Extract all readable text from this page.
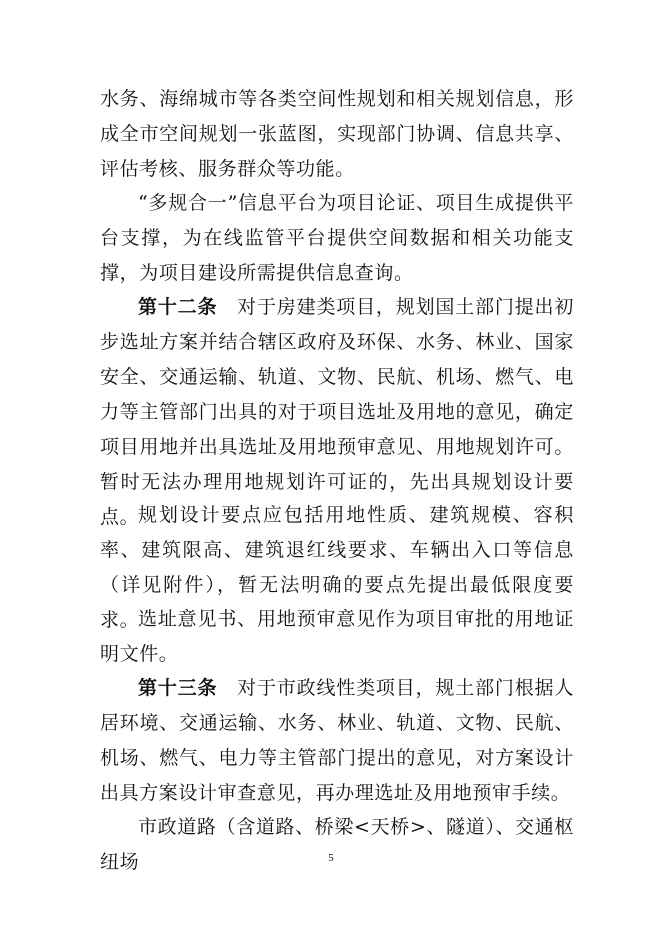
水务、海绵城市等各类空间性规划和相关规划信息，形成全市空间规划一张蓝图，实现部门协调、信息共享、评估考核、服务群众等功能。

“多规合一”信息平台为项目论证、项目生成提供平台支撑，为在线监管平台提供空间数据和相关功能支撑，为项目建设所需提供信息查询。

第十二条　 对于房建类项目，规划国土部门提出初步选址方案并结合辖区政府及环保、水务、林业、国家安全、交通运输、轨道、文物、民航、机场、燃气、电力等主管部门出具的对于项目选址及用地的意见，确定项目用地并出具选址及用地预审意见、用地规划许可。暂时无法办理用地规划许可证的，先出具规划设计要点。

规划设计要点应包括用地性质、建筑规模、容积率、建筑限高、建筑退红线要求、车辆出入口等信息（详见附件），暂无法明确的要点先提出最低限度要求。

选址意见书、用地预审意见作为项目审批的用地证明文件。

第十三条　 对于市政线性类项目，规土部门根据人居环境、交通运输、水务、林业、轨道、文物、民航、机场、燃气、电力等主管部门提出的意见，对方案设计出具方案设计审查意见，再办理选址及用地预审手续。

市政道路（含道路、桥梁<天桥>、隧道）、交通枢纽场	5
